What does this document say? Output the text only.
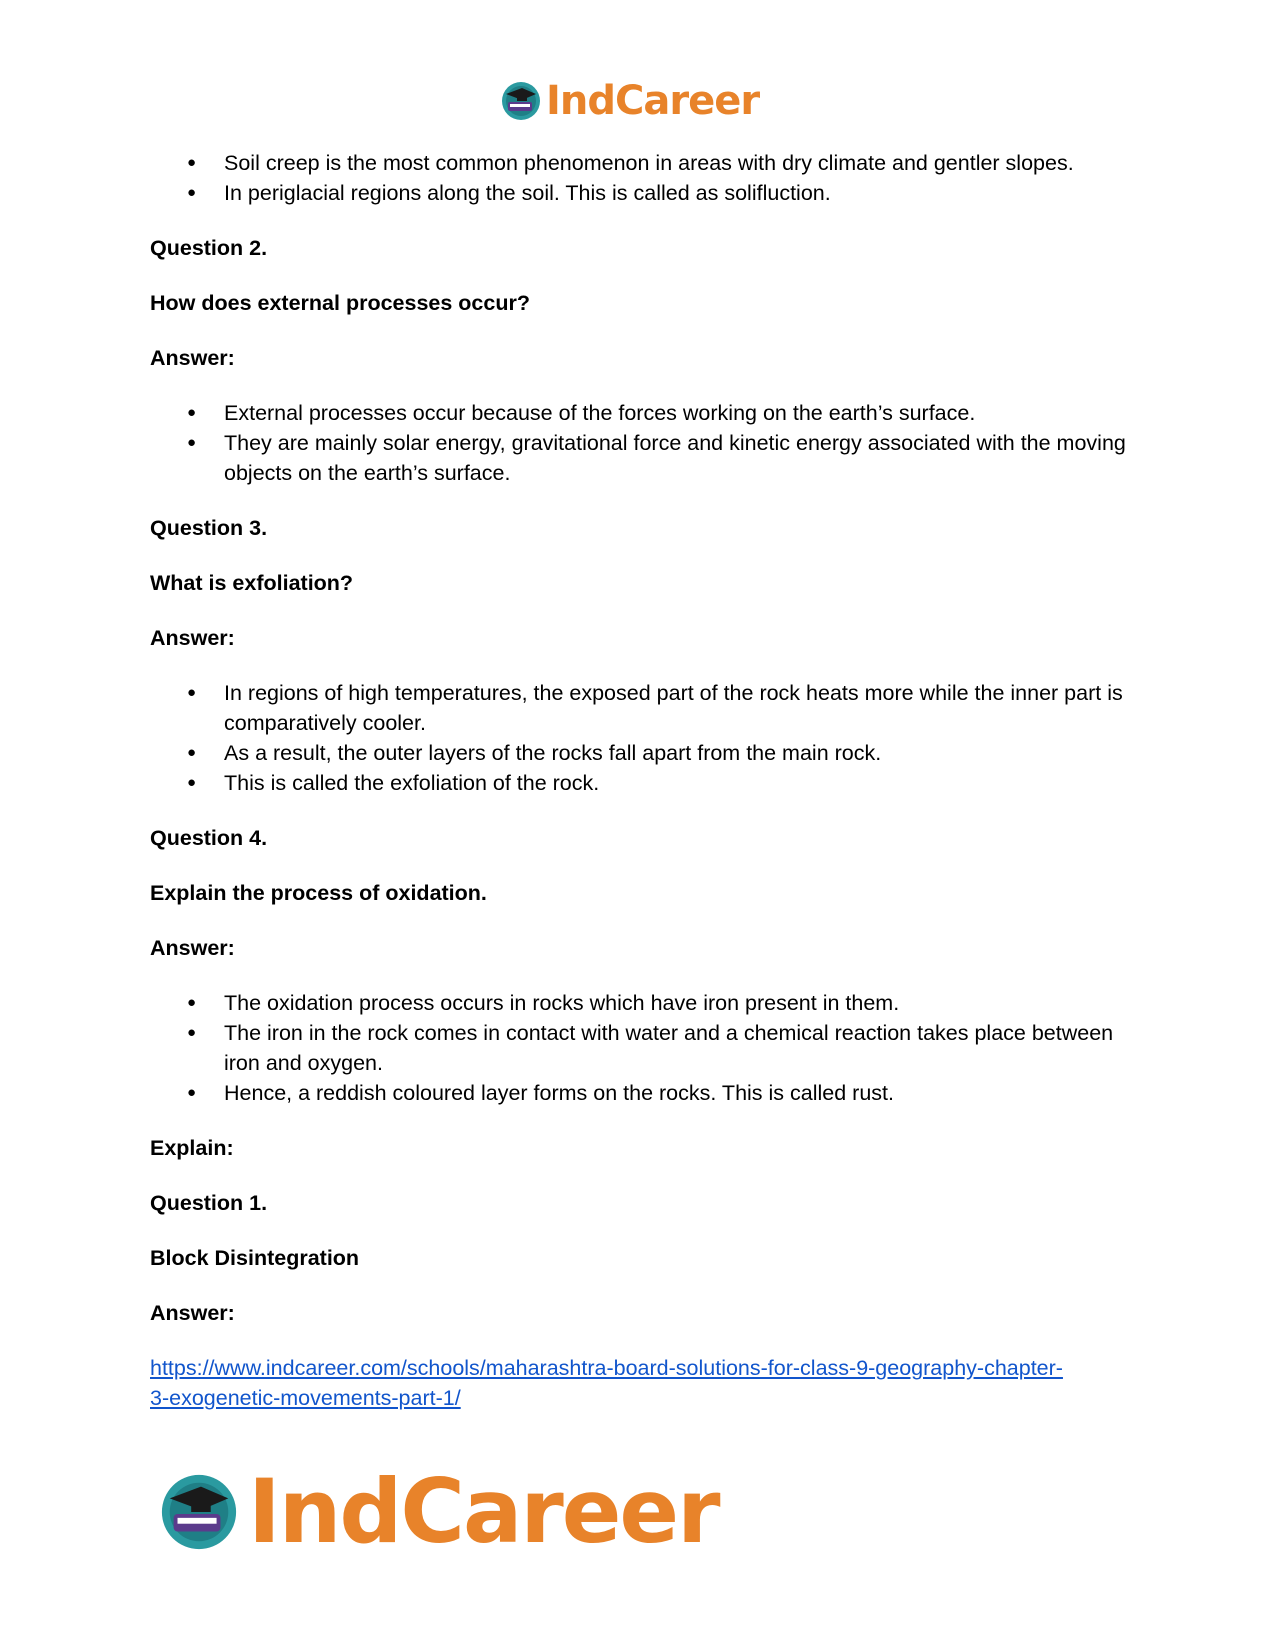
IndCareer
● Soil creep is the most common phenomenon in areas with dry climate and gentler slopes.
● In periglacial regions along the soil. This is called as solifluction.

Question 2.

How does external processes occur?

Answer:

● External processes occur because of the forces working on the earth’s surface.
● They are mainly solar energy, gravitational force and kinetic energy associated with the moving objects on the earth’s surface.

Question 3.

What is exfoliation?

Answer:

● In regions of high temperatures, the exposed part of the rock heats more while the inner part is comparatively cooler.
● As a result, the outer layers of the rocks fall apart from the main rock.
● This is called the exfoliation of the rock.

Question 4.

Explain the process of oxidation.

Answer:

● The oxidation process occurs in rocks which have iron present in them.
● The iron in the rock comes in contact with water and a chemical reaction takes place between iron and oxygen.
● Hence, a reddish coloured layer forms on the rocks. This is called rust.

Explain:

Question 1.

Block Disintegration

Answer:

https://www.indcareer.com/schools/maharashtra-board-solutions-for-class-9-geography-chapter-
3-exogenetic-movements-part-1/
IndCareer
